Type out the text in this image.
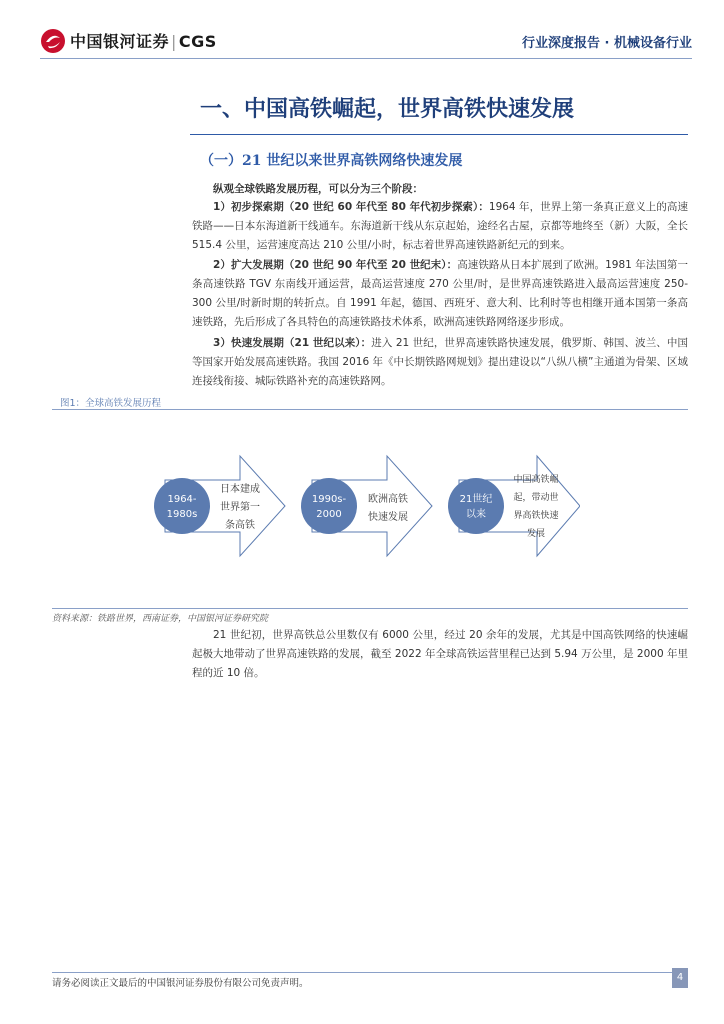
中国银河证券 | CGS	行业深度报告 · 机械设备行业
一、中国高铁崛起，世界高铁快速发展
（一）21 世纪以来世界高铁网络快速发展
纵观全球铁路发展历程，可以分为三个阶段：
1）初步探索期（20 世纪 60 年代至 80 年代初步探索）：1964 年，世界上第一条真正意义上的高速铁路——日本东海道新干线通车。东海道新干线从东京起始，途经名古屋，京都等地终至（新）大阪，全长 515.4 公里，运营速度高达 210 公里/小时，标志着世界高速铁路新纪元的到来。
2）扩大发展期（20 世纪 90 年代至 20 世纪末）：高速铁路从日本扩展到了欧洲。1981 年法国第一条高速铁路 TGV 东南线开通运营，最高运营速度 270 公里/时，是世界高速铁路进入最高运营速度 250-300 公里/时新时期的转折点。自 1991 年起，德国、西班牙、意大利、比利时等也相继开通本国第一条高速铁路，先后形成了各具特色的高速铁路技术体系，欧洲高速铁路网络逐步形成。
3）快速发展期（21 世纪以来）：进入 21 世纪，世界高速铁路快速发展，俄罗斯、韩国、波兰、中国等国家开始发展高速铁路。我国 2016 年《中长期铁路网规划》提出建设以“八纵八横”主通道为骨架、区域连接线衔接、城际铁路补充的高速铁路网。
图1：全球高铁发展历程
1964-
1980s
1990s-
2000
21世纪
以来
日本建成
世界第一
条高铁
欧洲高铁
快速发展
中国高铁崛
起，带动世
界高铁快速
发展
资料来源：铁路世界，西南证券，中国银河证券研究院
21 世纪初，世界高铁总公里数仅有 6000 公里，经过 20 余年的发展，尤其是中国高铁网络的快速崛起极大地带动了世界高速铁路的发展，截至 2022 年全球高铁运营里程已达到 5.94 万公里，是 2000 年里程的近 10 倍。
请务必阅读正文最后的中国银河证券股份有限公司免责声明。
4
